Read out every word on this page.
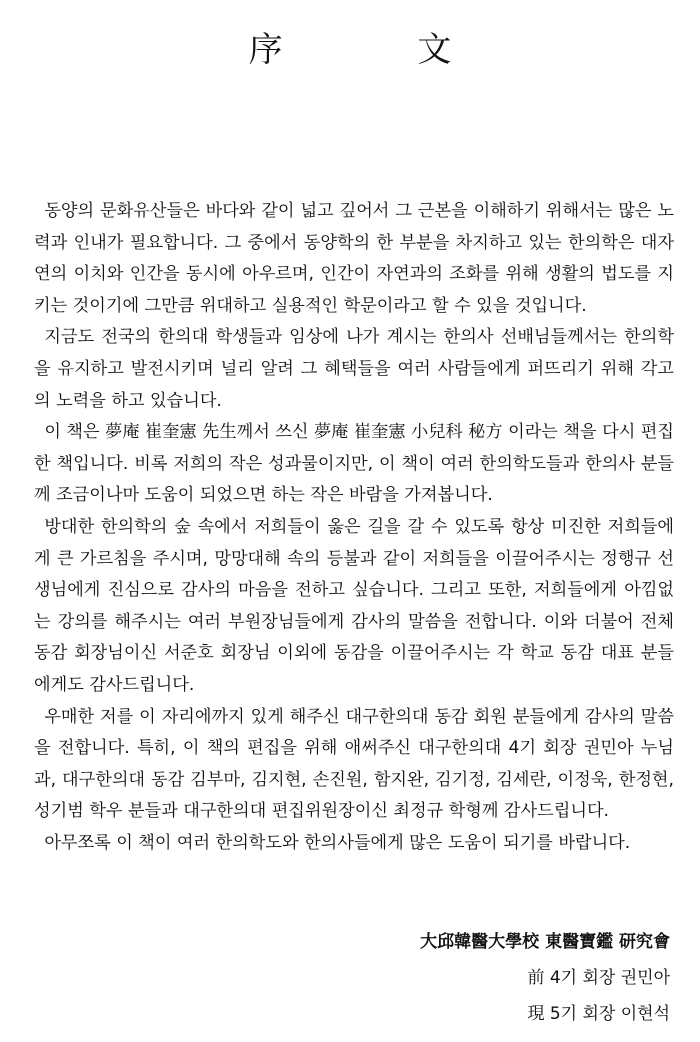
序 文

동양의 문화유산들은 바다와 같이 넓고 깊어서 그 근본을 이해하기 위해서는 많은 노력과 인내가 필요합니다. 그 중에서 동양학의 한 부분을 차지하고 있는 한의학은 대자연의 이치와 인간을 동시에 아우르며, 인간이 자연과의 조화를 위해 생활의 법도를 지키는 것이기에 그만큼 위대하고 실용적인 학문이라고 할 수 있을 것입니다.

지금도 전국의 한의대 학생들과 임상에 나가 계시는 한의사 선배님들께서는 한의학을 유지하고 발전시키며 널리 알려 그 혜택들을 여러 사람들에게 퍼뜨리기 위해 각고의 노력을 하고 있습니다.

이 책은 夢庵 崔奎憲 先生께서 쓰신 夢庵 崔奎憲 小兒科 秘方 이라는 책을 다시 편집한 책입니다. 비록 저희의 작은 성과물이지만, 이 책이 여러 한의학도들과 한의사 분들께 조금이나마 도움이 되었으면 하는 작은 바람을 가져봅니다.

방대한 한의학의 숲 속에서 저희들이 옳은 길을 갈 수 있도록 항상 미진한 저희들에게 큰 가르침을 주시며, 망망대해 속의 등불과 같이 저희들을 이끌어주시는 정행규 선생님에게 진심으로 감사의 마음을 전하고 싶습니다. 그리고 또한, 저희들에게 아낌없는 강의를 해주시는 여러 부원장님들에게 감사의 말씀을 전합니다. 이와 더불어 전체 동감 회장님이신 서준호 회장님 이외에 동감을 이끌어주시는 각 학교 동감 대표 분들에게도 감사드립니다.

우매한 저를 이 자리에까지 있게 해주신 대구한의대 동감 회원 분들에게 감사의 말씀을 전합니다. 특히, 이 책의 편집을 위해 애써주신 대구한의대 4기 회장 권민아 누님과, 대구한의대 동감 김부마, 김지현, 손진원, 함지완, 김기정, 김세란, 이정욱, 한정현, 성기범 학우 분들과 대구한의대 편집위원장이신 최정규 학형께 감사드립니다.

아무쪼록 이 책이 여러 한의학도와 한의사들에게 많은 도움이 되기를 바랍니다.

大邱韓醫大學校 東醫寶鑑 研究會
前 4기 회장 권민아
現 5기 회장 이현석
